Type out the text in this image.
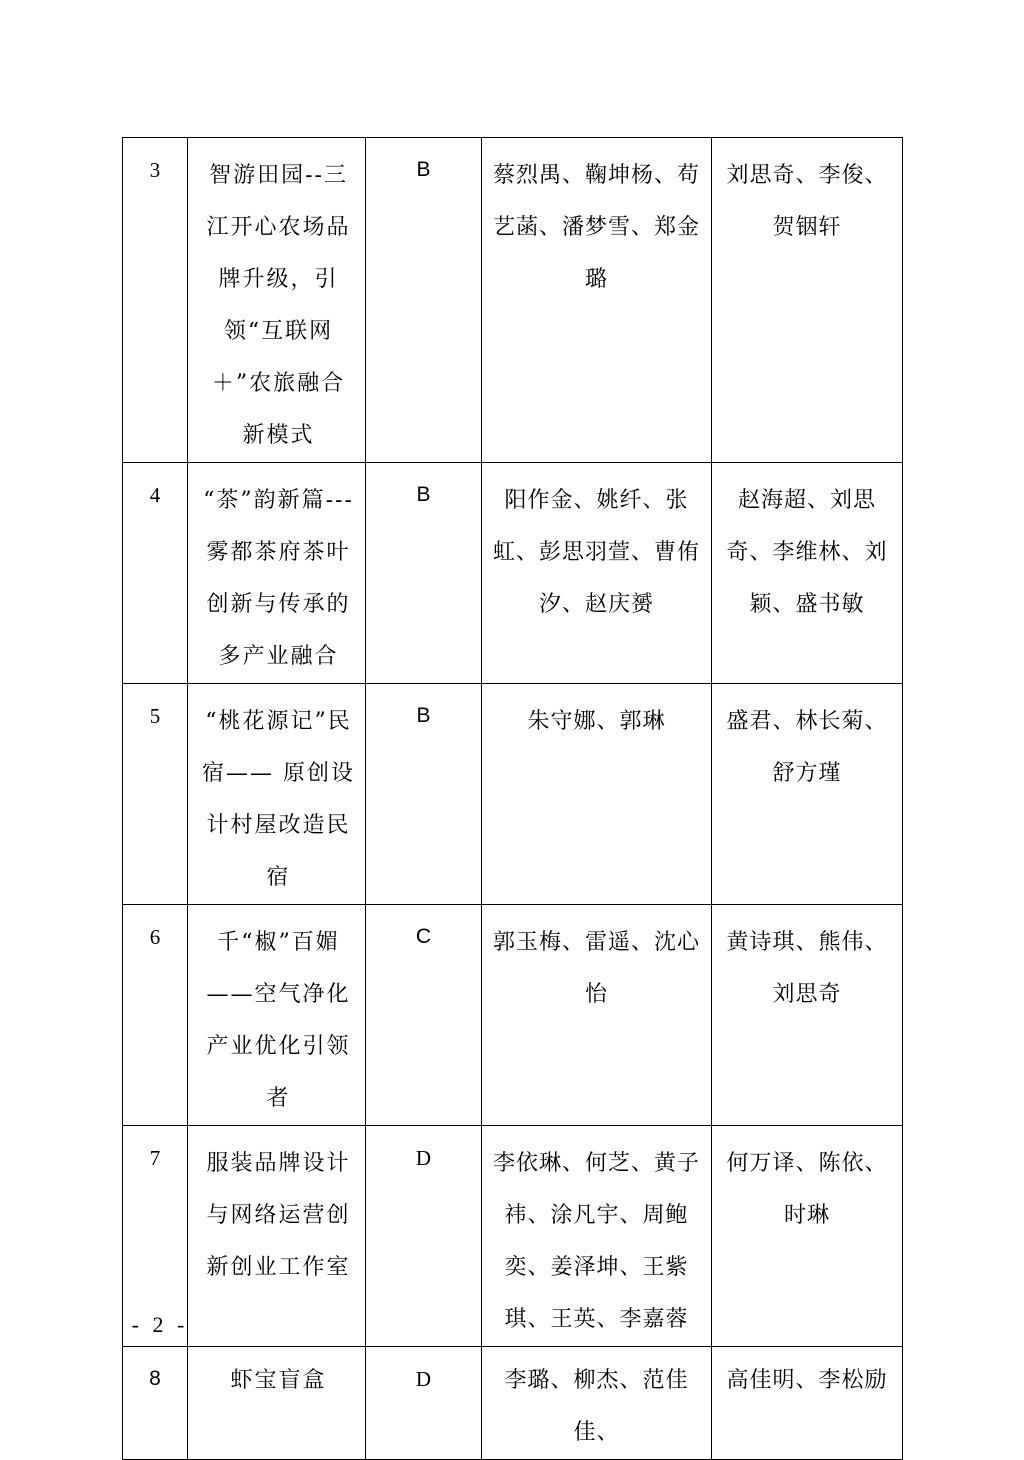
3	智游田园--三江开心农场品牌升级，引领“互联网＋”农旅融合新模式	B	蔡烈禺、鞠坤杨、苟艺菡、潘梦雪、郑金璐	刘思奇、李俊、贺铟轩
4	“茶”韵新篇---雾都茶府茶叶创新与传承的多产业融合	B	阳作金、姚纤、张虹、彭思羽萱、曹侑汐、赵庆赟	赵海超、刘思奇、李维林、刘颖、盛书敏
5	“桃花源记”民宿—— 原创设计村屋改造民宿	B	朱守娜、郭琳	盛君、林长菊、舒方瑾
6	千“椒”百媚——空气净化产业优化引领者	C	郭玉梅、雷遥、沈心怡	黄诗琪、熊伟、刘思奇
7	服装品牌设计与网络运营创新创业工作室	D	李依琳、何芝、黄子祎、涂凡宇、周鲍奕、姜泽坤、王紫琪、王英、李嘉蓉	何万译、陈依、时琳
8	虾宝盲盒	D	李璐、柳杰、范佳佳、	高佳明、李松励
- 2 -
